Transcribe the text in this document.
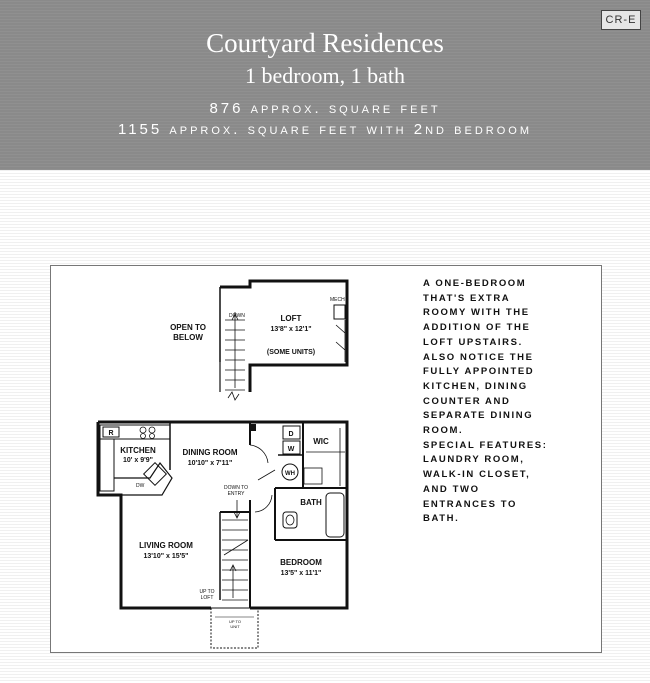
CR-E
Courtyard Residences
1 bedroom, 1 bath
876 approx. square feet
1155 approx. square feet with 2nd bedroom
DOWN
MECH
LOFT
13'8" x 12'1"
(SOME UNITS)
OPEN TO
BELOW
R
KITCHEN
10' x 9'9"
DW
DINING ROOM
10'10" x 7'11"
LIVING ROOM
13'10" x 15'5"
BEDROOM
13'5" x 11'1"
BATH
WIC
D
W
WH
DOWN TO
ENTRY
UP TO
LOFT
UP TO
UNIT
A ONE-BEDROOM
THAT'S EXTRA
ROOMY WITH THE
ADDITION OF THE
LOFT UPSTAIRS.
ALSO NOTICE THE
FULLY APPOINTED
KITCHEN, DINING
COUNTER AND
SEPARATE DINING
ROOM.
SPECIAL FEATURES:
LAUNDRY ROOM,
WALK-IN CLOSET,
AND TWO
ENTRANCES TO
BATH.
